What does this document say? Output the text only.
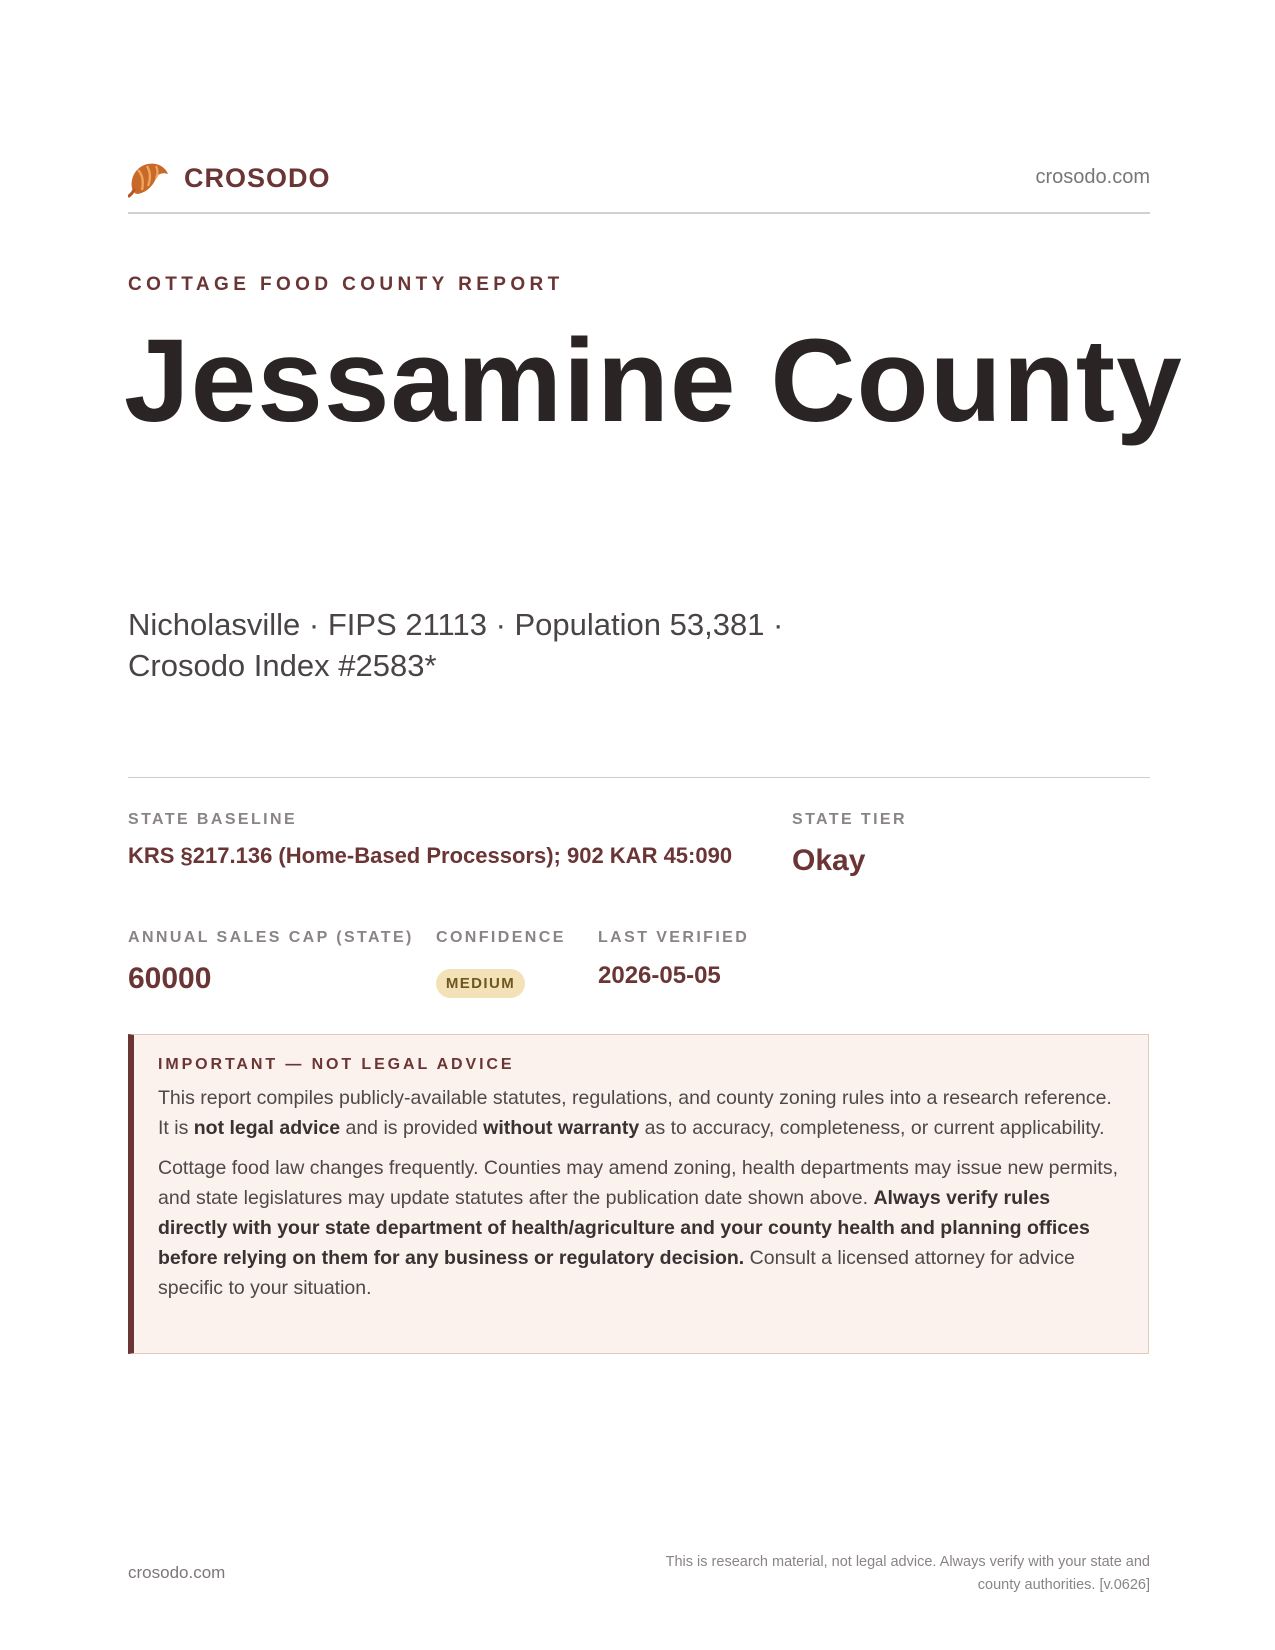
CROSODO	crosodo.com
COTTAGE FOOD COUNTY REPORT
Jessamine County
Nicholasville · FIPS 21113 · Population 53,381 · Crosodo Index #2583*
STATE BASELINE
KRS §217.136 (Home-Based Processors); 902 KAR 45:090
STATE TIER
Okay
ANNUAL SALES CAP (STATE)
60000
CONFIDENCE
MEDIUM
LAST VERIFIED
2026-05-05
IMPORTANT — NOT LEGAL ADVICE

This report compiles publicly-available statutes, regulations, and county zoning rules into a research reference. It is not legal advice and is provided without warranty as to accuracy, completeness, or current applicability.

Cottage food law changes frequently. Counties may amend zoning, health departments may issue new permits, and state legislatures may update statutes after the publication date shown above. Always verify rules directly with your state department of health/agriculture and your county health and planning offices before relying on them for any business or regulatory decision. Consult a licensed attorney for advice specific to your situation.

crosodo.com
This is research material, not legal advice. Always verify with your state and county authorities. [v.0626]
